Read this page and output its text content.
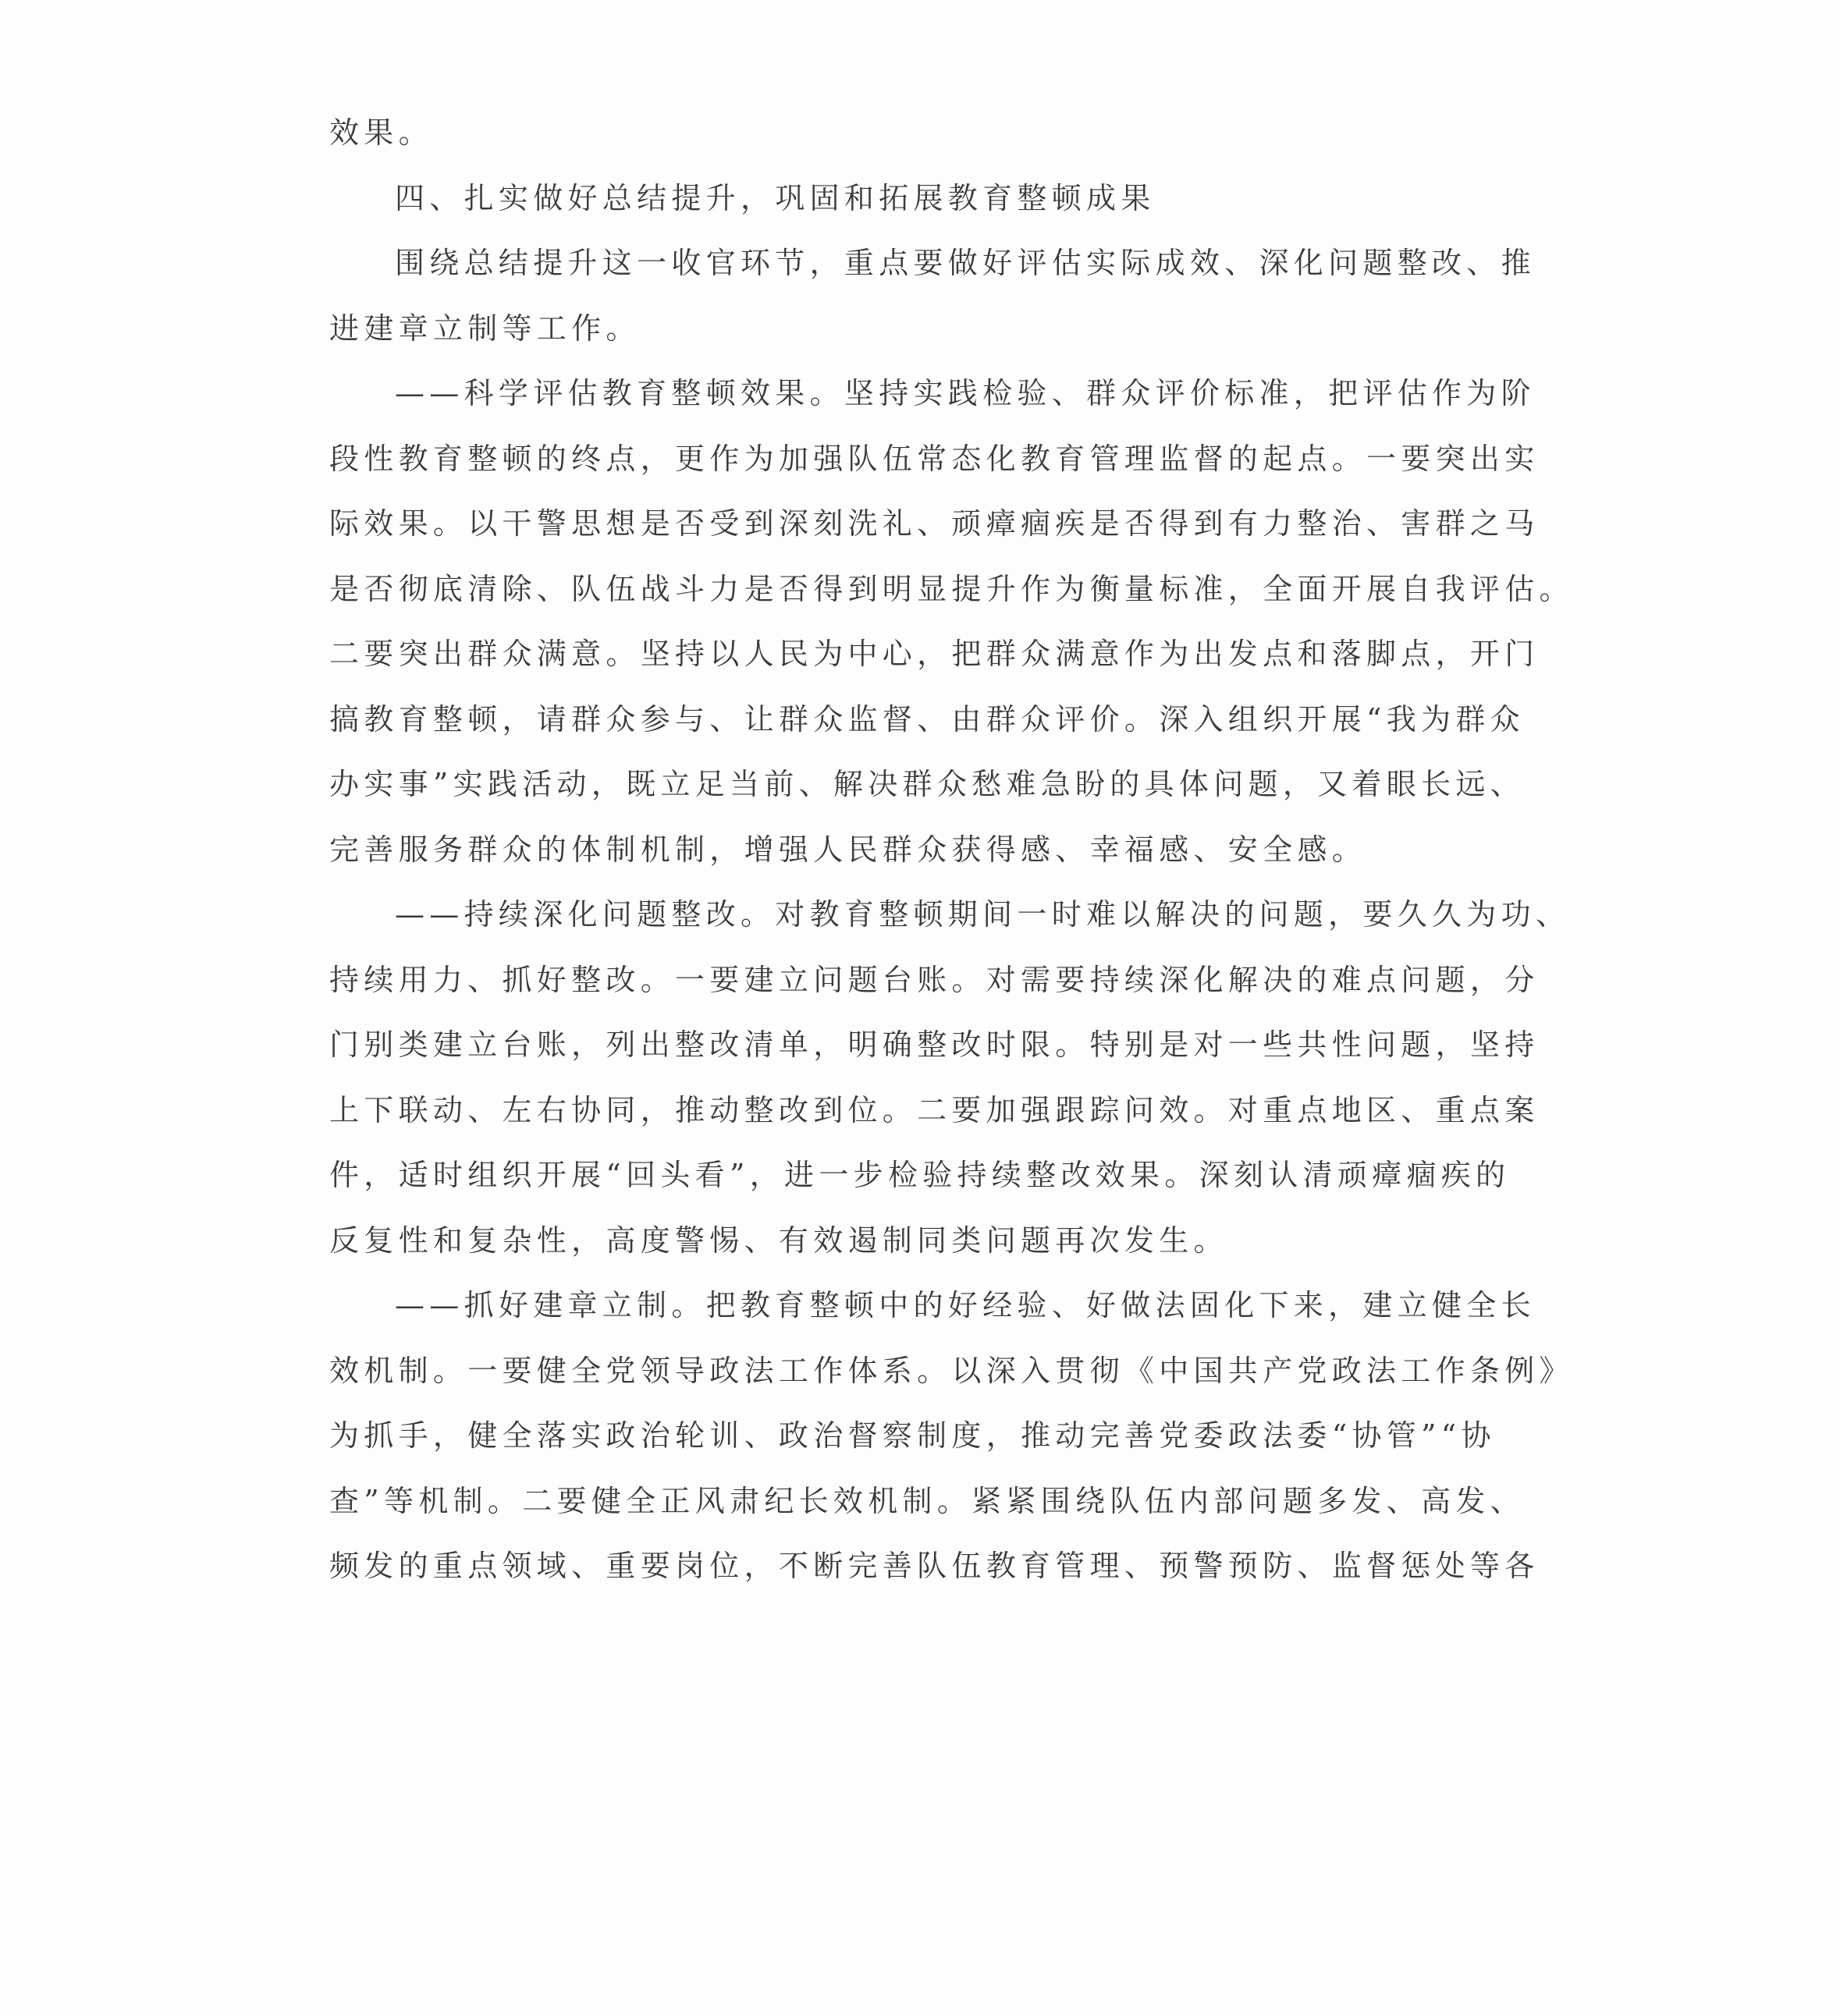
效果。

四、扎实做好总结提升，巩固和拓展教育整顿成果

围绕总结提升这一收官环节，重点要做好评估实际成效、深化问题整改、推

进建章立制等工作。

——科学评估教育整顿效果。坚持实践检验、群众评价标准，把评估作为阶

段性教育整顿的终点，更作为加强队伍常态化教育管理监督的起点。一要突出实

际效果。以干警思想是否受到深刻洗礼、顽瘴痼疾是否得到有力整治、害群之马

是否彻底清除、队伍战斗力是否得到明显提升作为衡量标准，全面开展自我评估。

二要突出群众满意。坚持以人民为中心，把群众满意作为出发点和落脚点，开门

搞教育整顿，请群众参与、让群众监督、由群众评价。深入组织开展“我为群众

办实事”实践活动，既立足当前、解决群众愁难急盼的具体问题，又着眼长远、

完善服务群众的体制机制，增强人民群众获得感、幸福感、安全感。

——持续深化问题整改。对教育整顿期间一时难以解决的问题，要久久为功、

持续用力、抓好整改。一要建立问题台账。对需要持续深化解决的难点问题，分

门别类建立台账，列出整改清单，明确整改时限。特别是对一些共性问题，坚持

上下联动、左右协同，推动整改到位。二要加强跟踪问效。对重点地区、重点案

件，适时组织开展“回头看”，进一步检验持续整改效果。深刻认清顽瘴痼疾的

反复性和复杂性，高度警惕、有效遏制同类问题再次发生。

——抓好建章立制。把教育整顿中的好经验、好做法固化下来，建立健全长

效机制。一要健全党领导政法工作体系。以深入贯彻《中国共产党政法工作条例》

为抓手，健全落实政治轮训、政治督察制度，推动完善党委政法委“协管”“协

查”等机制。二要健全正风肃纪长效机制。紧紧围绕队伍内部问题多发、高发、

频发的重点领域、重要岗位，不断完善队伍教育管理、预警预防、监督惩处等各
